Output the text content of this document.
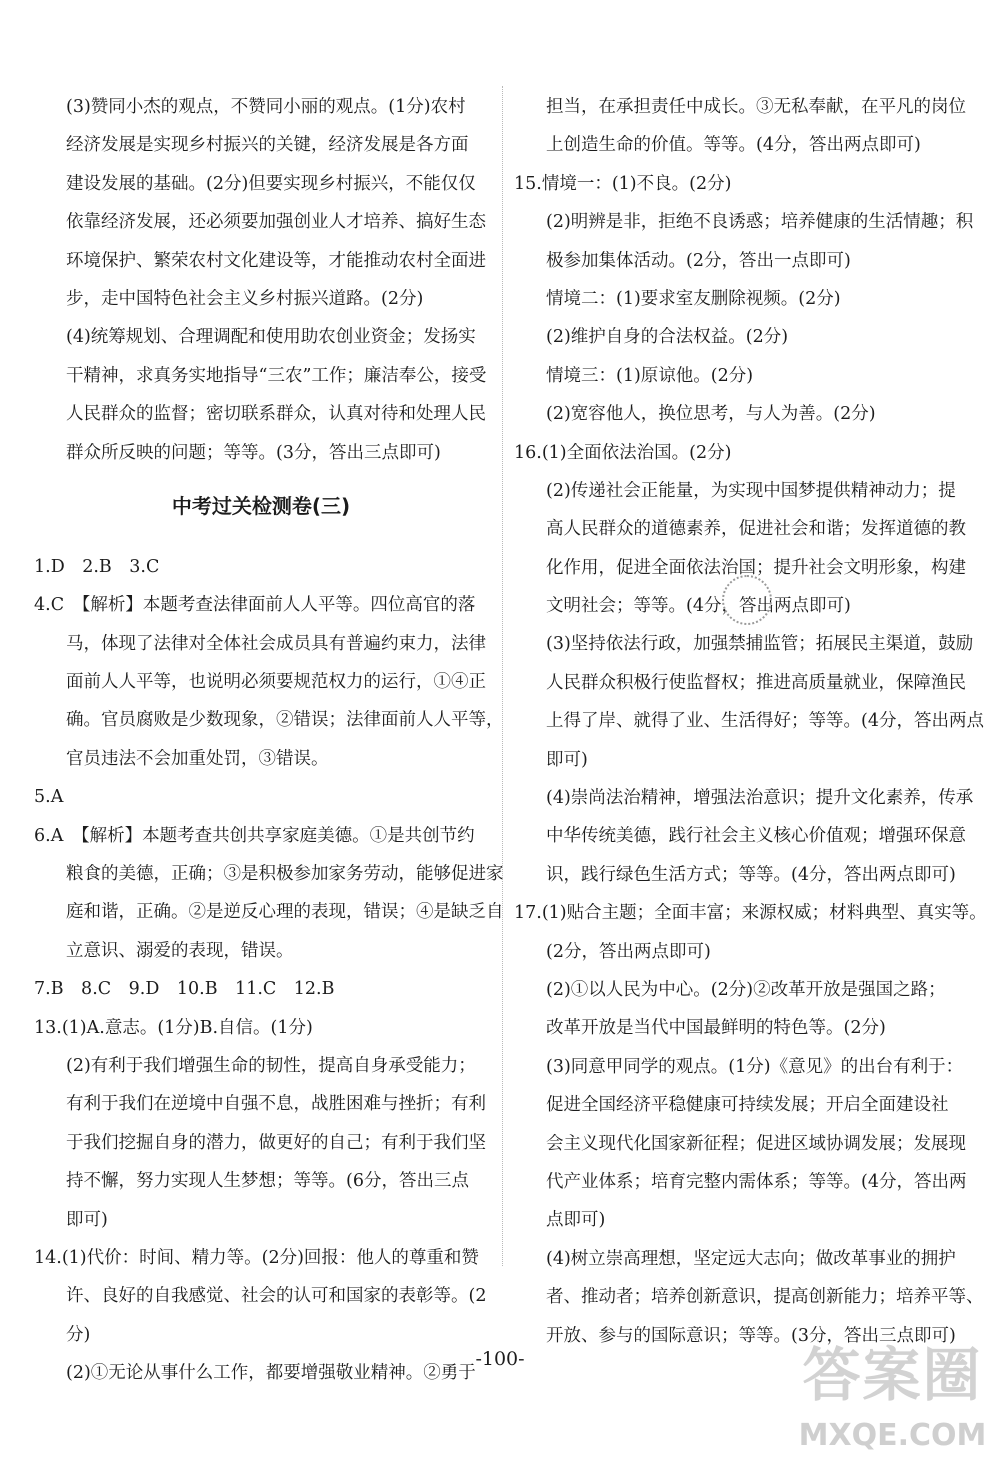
(3)赞同小杰的观点，不赞同小丽的观点。(1分)农村
经济发展是实现乡村振兴的关键，经济发展是各方面
建设发展的基础。(2分)但要实现乡村振兴，不能仅仅
依靠经济发展，还必须要加强创业人才培养、搞好生态
环境保护、繁荣农村文化建设等，才能推动农村全面进
步，走中国特色社会主义乡村振兴道路。(2分)
(4)统筹规划、合理调配和使用助农创业资金；发扬实
干精神，求真务实地指导“三农”工作；廉洁奉公，接受
人民群众的监督；密切联系群众，认真对待和处理人民
群众所反映的问题；等等。(3分，答出三点即可)
中考过关检测卷(三)
1.D　2.B　3.C
4.C　【解析】本题考查法律面前人人平等。四位高官的落
马，体现了法律对全体社会成员具有普遍约束力，法律
面前人人平等，也说明必须要规范权力的运行，①④正
确。官员腐败是少数现象，②错误；法律面前人人平等，
官员违法不会加重处罚，③错误。
5.A
6.A　【解析】本题考查共创共享家庭美德。①是共创节约
粮食的美德，正确；③是积极参加家务劳动，能够促进家
庭和谐，正确。②是逆反心理的表现，错误；④是缺乏自
立意识、溺爱的表现，错误。
7.B　8.C　9.D　10.B　11.C　12.B
13.(1)A.意志。(1分)B.自信。(1分)
(2)有利于我们增强生命的韧性，提高自身承受能力；
有利于我们在逆境中自强不息，战胜困难与挫折；有利
于我们挖掘自身的潜力，做更好的自己；有利于我们坚
持不懈，努力实现人生梦想；等等。(6分，答出三点
即可)
14.(1)代价：时间、精力等。(2分)回报：他人的尊重和赞
许、良好的自我感觉、社会的认可和国家的表彰等。(2
分)
(2)①无论从事什么工作，都要增强敬业精神。②勇于
担当，在承担责任中成长。③无私奉献，在平凡的岗位
上创造生命的价值。等等。(4分，答出两点即可)
15.情境一：(1)不良。(2分)
(2)明辨是非，拒绝不良诱惑；培养健康的生活情趣；积
极参加集体活动。(2分，答出一点即可)
情境二：(1)要求室友删除视频。(2分)
(2)维护自身的合法权益。(2分)
情境三：(1)原谅他。(2分)
(2)宽容他人，换位思考，与人为善。(2分)
16.(1)全面依法治国。(2分)
(2)传递社会正能量，为实现中国梦提供精神动力；提
高人民群众的道德素养，促进社会和谐；发挥道德的教
化作用，促进全面依法治国；提升社会文明形象，构建
文明社会；等等。(4分，答出两点即可)
(3)坚持依法行政，加强禁捕监管；拓展民主渠道，鼓励
人民群众积极行使监督权；推进高质量就业，保障渔民
上得了岸、就得了业、生活得好；等等。(4分，答出两点
即可)
(4)崇尚法治精神，增强法治意识；提升文化素养，传承
中华传统美德，践行社会主义核心价值观；增强环保意
识，践行绿色生活方式；等等。(4分，答出两点即可)
17.(1)贴合主题；全面丰富；来源权威；材料典型、真实等。
(2分，答出两点即可)
(2)①以人民为中心。(2分)②改革开放是强国之路；
改革开放是当代中国最鲜明的特色等。(2分)
(3)同意甲同学的观点。(1分)《意见》的出台有利于：
促进全国经济平稳健康可持续发展；开启全面建设社
会主义现代化国家新征程；促进区域协调发展；发展现
代产业体系；培育完整内需体系；等等。(4分，答出两
点即可)
(4)树立崇高理想，坚定远大志向；做改革事业的拥护
者、推动者；培养创新意识，提高创新能力；培养平等、
开放、参与的国际意识；等等。(3分，答出三点即可)
-100-	答案圈
MXQE.COM
